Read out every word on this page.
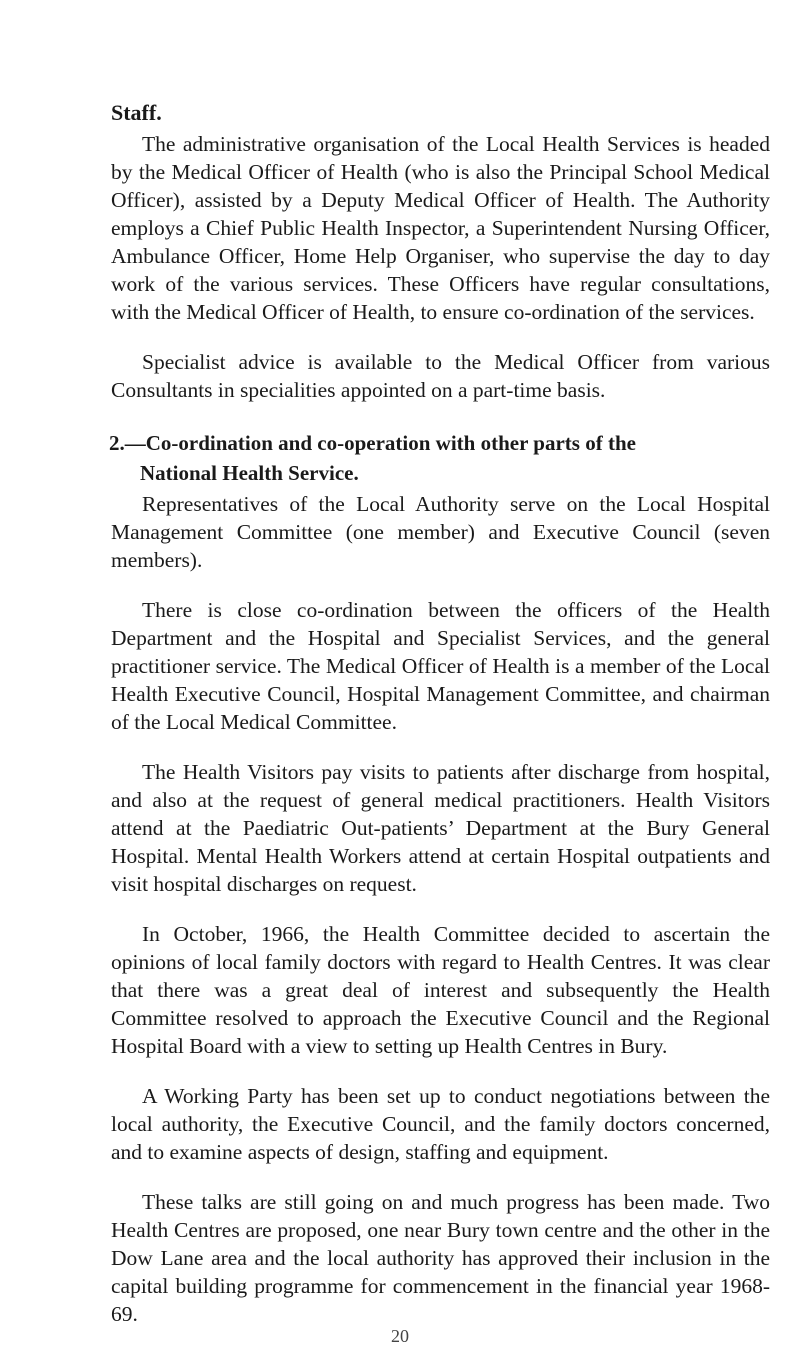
Staff.

The administrative organisation of the Local Health Services is headed by the Medical Officer of Health (who is also the Principal School Medical Officer), assisted by a Deputy Medical Officer of Health. The Authority employs a Chief Public Health Inspector, a Superintendent Nursing Officer, Ambulance Officer, Home Help Organiser, who supervise the day to day work of the various services. These Officers have regular consultations, with the Medical Officer of Health, to ensure co-ordination of the services.

Specialist advice is available to the Medical Officer from various Consultants in specialities appointed on a part-time basis.

2.—Co-ordination and co-operation with other parts of the
National Health Service.

Representatives of the Local Authority serve on the Local Hospital Management Committee (one member) and Executive Council (seven members).

There is close co-ordination between the officers of the Health Department and the Hospital and Specialist Services, and the general practitioner service. The Medical Officer of Health is a member of the Local Health Executive Council, Hospital Management Committee, and chairman of the Local Medical Committee.

The Health Visitors pay visits to patients after discharge from hospital, and also at the request of general medical practitioners. Health Visitors attend at the Paediatric Out-patients’ Department at the Bury General Hospital. Mental Health Workers attend at certain Hospital outpatients and visit hospital discharges on request.

In October, 1966, the Health Committee decided to ascertain the opinions of local family doctors with regard to Health Centres. It was clear that there was a great deal of interest and subsequently the Health Committee resolved to approach the Executive Council and the Regional Hospital Board with a view to setting up Health Centres in Bury.

A Working Party has been set up to conduct negotiations between the local authority, the Executive Council, and the family doctors concerned, and to examine aspects of design, staffing and equipment.

These talks are still going on and much progress has been made. Two Health Centres are proposed, one near Bury town centre and the other in the Dow Lane area and the local authority has approved their inclusion in the capital building programme for commencement in the financial year 1968-69.

20
